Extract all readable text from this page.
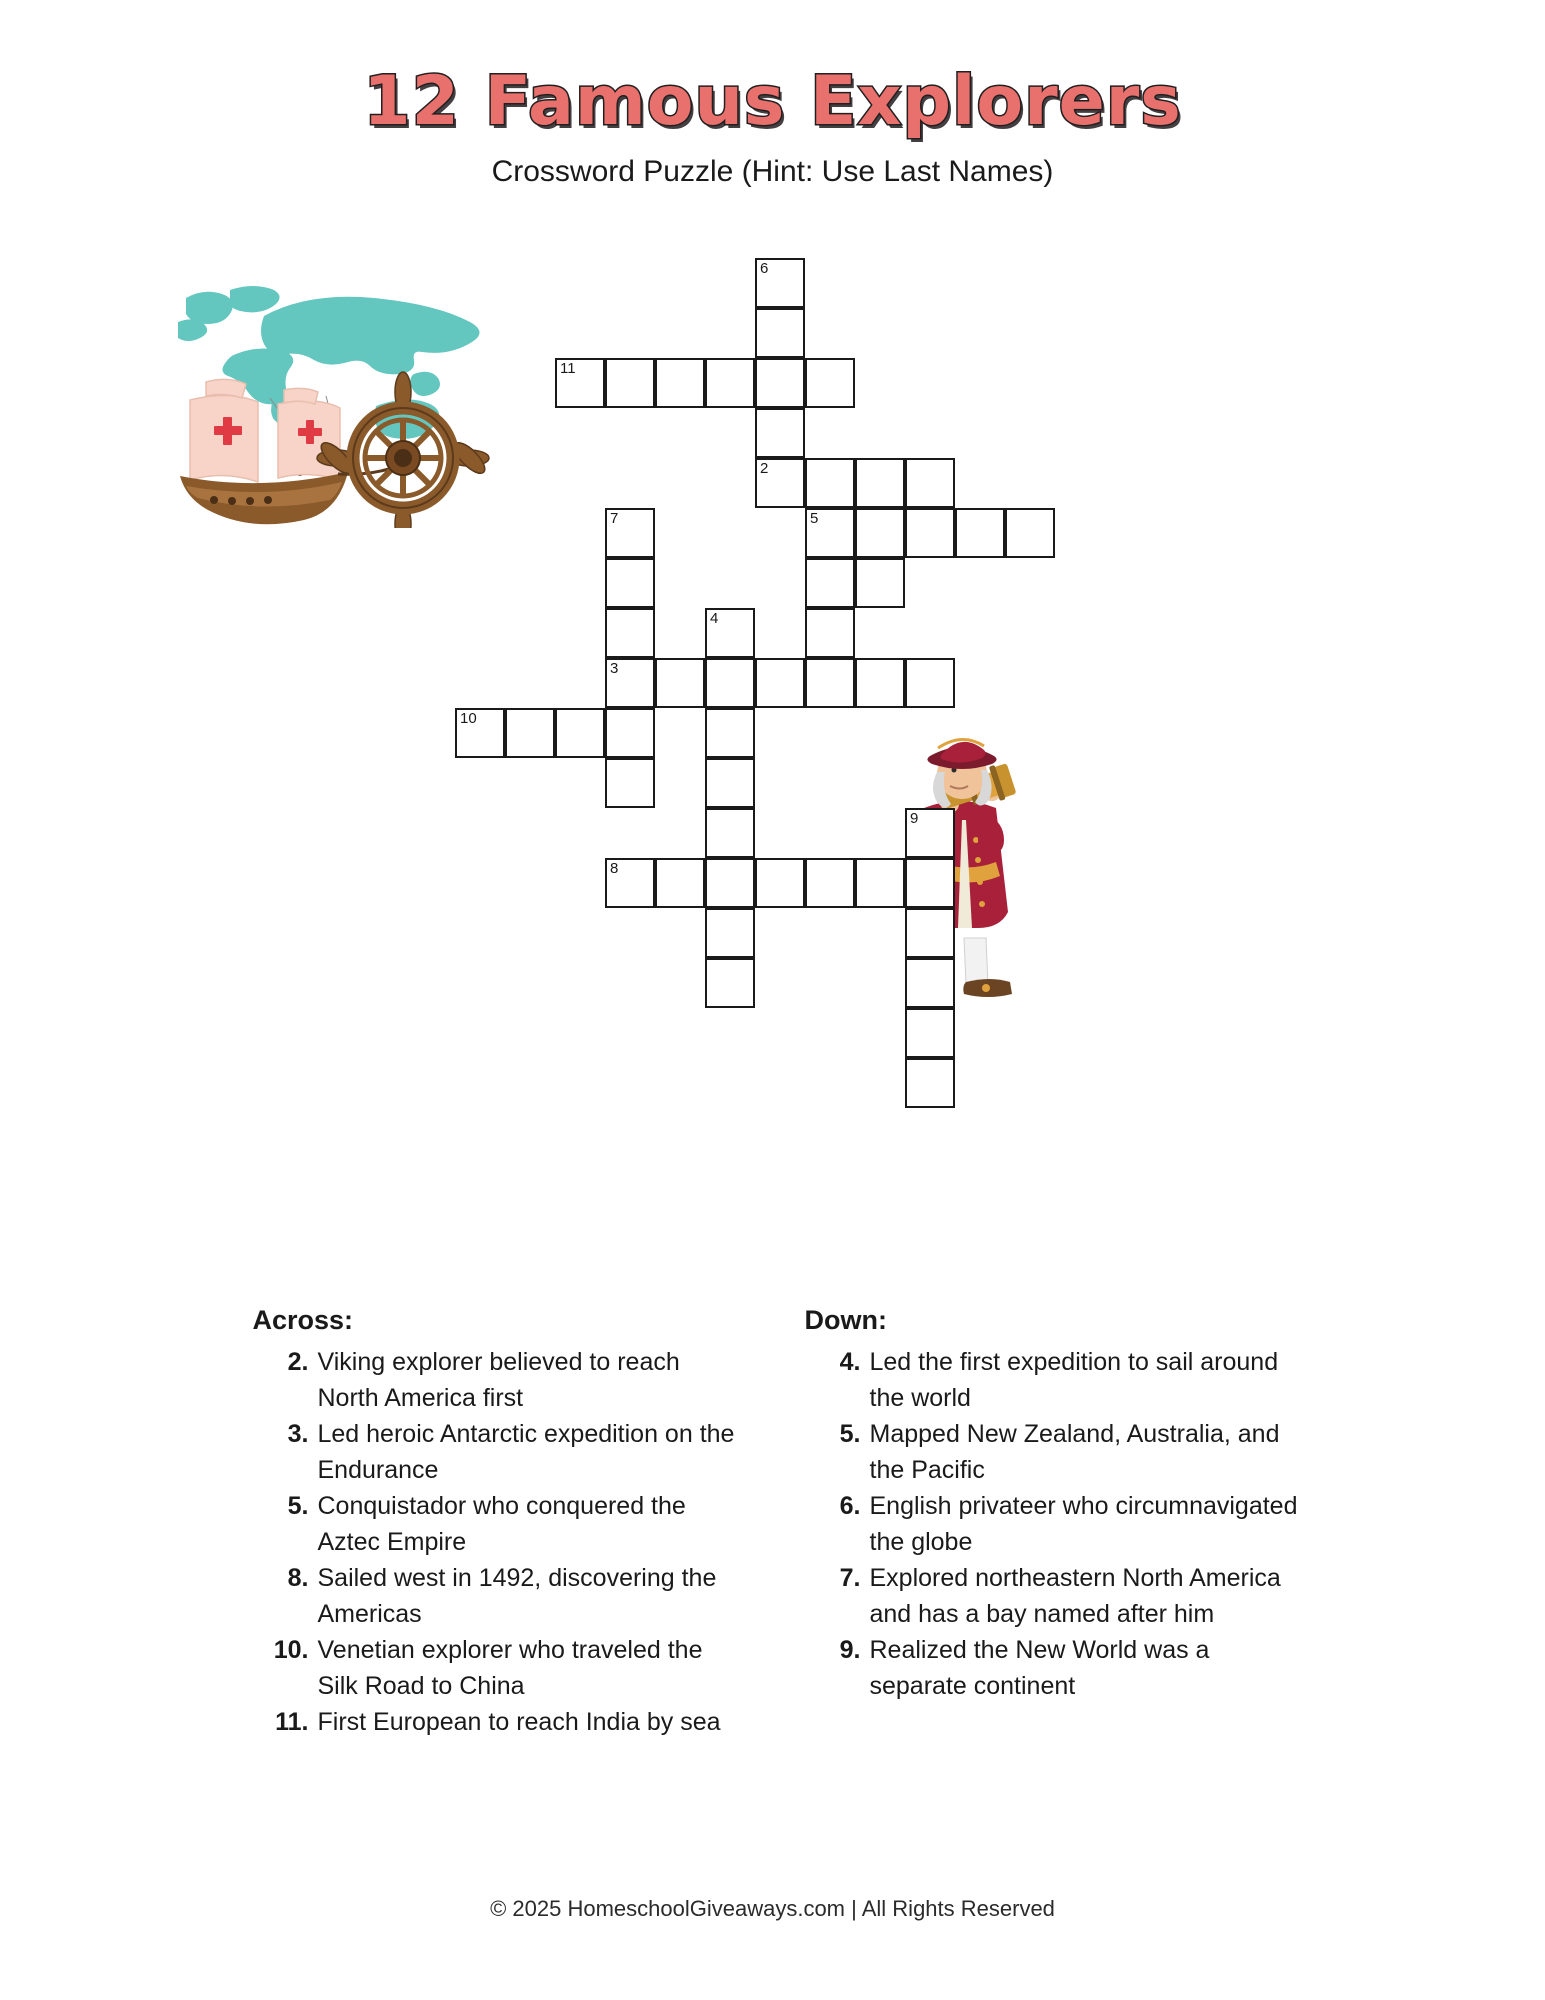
12 Famous Explorers

Crossword Puzzle (Hint: Use Last Names)

6
11
2
7	5
4
3
10
9
8
Across:
2. Viking explorer believed to reach North America first
3. Led heroic Antarctic expedition on the Endurance
5. Conquistador who conquered the Aztec Empire
8. Sailed west in 1492, discovering the Americas
10. Venetian explorer who traveled the Silk Road to China
11. First European to reach India by sea
Down:
4. Led the first expedition to sail around the world
5. Mapped New Zealand, Australia, and the Pacific
6. English privateer who circumnavigated the globe
7. Explored northeastern North America and has a bay named after him
9. Realized the New World was a separate continent
© 2025 HomeschoolGiveaways.com | All Rights Reserved
